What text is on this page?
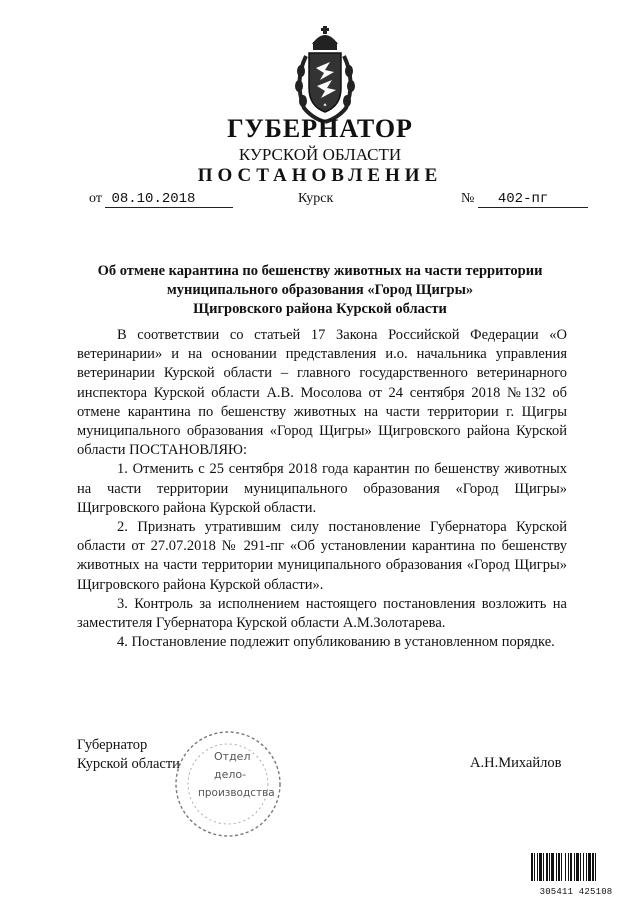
ГУБЕРНАТОР
КУРСКОЙ ОБЛАСТИ
ПОСТАНОВЛЕНИЕ
от 08.10.2018	Курск	№ 402-пг
Об отмене карантина по бешенству животных на части территории
муниципального образования «Город Щигры»
Щигровского района Курской области

В соответствии со статьей 17 Закона Российской Федерации «О ветеринарии» и на основании представления и.о. начальника управления ветеринарии Курской области – главного государственного ветеринарного инспектора Курской области А.В. Мосолова от 24 сентября 2018 №132 об отмене карантина по бешенству животных на части территории г. Щигры муниципального образования «Город Щигры» Щигровского района Курской области ПОСТАНОВЛЯЮ:

1. Отменить с 25 сентября 2018 года карантин по бешенству животных на части территории муниципального образования «Город Щигры» Щигровского района Курской области.

2. Признать утратившим силу постановление Губернатора Курской области от 27.07.2018 № 291-пг «Об установлении карантина по бешенству животных на части территории муниципального образования «Город Щигры» Щигровского района Курской области».

3. Контроль за исполнением настоящего постановления возложить на заместителя Губернатора Курской области А.М.Золотарева.

4. Постановление подлежит опубликованию в установленном порядке.

Губернатор
Курской области	А.Н.Михайлов
Отдел
дело-
производства
305411 425108
